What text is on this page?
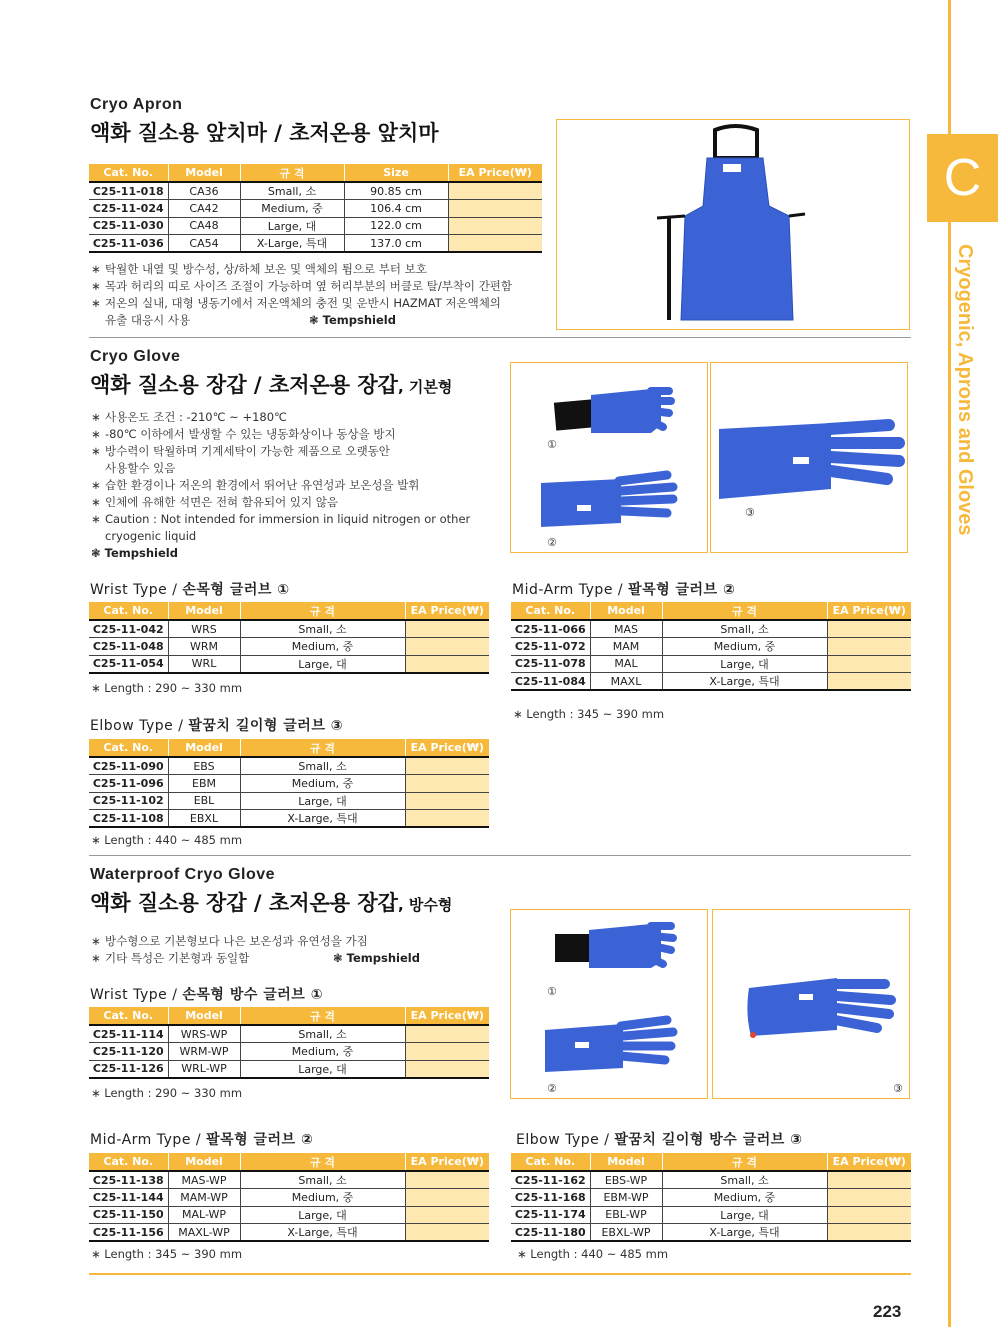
C
Cryogenic, Aprons and Gloves
Cryo Apron
액화 질소용 앞치마 / 초저온용 앞치마
Cat. No.	Model	규 격	Size	EA Price(₩)
C25-11-018	CA36	Small, 소	90.85 cm	
C25-11-024	CA42	Medium, 중	106.4 cm	
C25-11-030	CA48	Large, 대	122.0 cm	
C25-11-036	CA54	X-Large, 특대	137.0 cm	
∗ 탁월한 내열 및 방수성, 상/하체 보온 및 액체의 튐으로 부터 보호
∗ 목과 허리의 띠로 사이즈 조절이 가능하며 옆 허리부분의 버클로 탈/부착이 간편함
∗ 저온의 실내, 대형 냉동기에서 저온액체의 충전 및 운반시 HAZMAT 저온액체의
유출 대응시 사용	❃ Tempshield
Cryo Glove
액화 질소용 장갑 / 초저온용 장갑, 기본형
∗ 사용온도 조건 : -210℃ ~ +180℃
∗ -80℃ 이하에서 발생할 수 있는 냉동화상이나 동상을 방지
∗ 방수력이 탁월하며 기계세탁이 가능한 제품으로 오랫동안
사용할수 있음
∗ 습한 환경이나 저온의 환경에서 뛰어난 유연성과 보온성을 발휘
∗ 인체에 유해한 석면은 전혀 함유되어 있지 않음
∗ Caution : Not intended for immersion in liquid nitrogen or other
cryogenic liquid
❃ Tempshield
①
②
③
Wrist Type / 손목형 글러브 ①
Cat. No.	Model	규 격	EA Price(₩)
C25-11-042	WRS	Small, 소	
C25-11-048	WRM	Medium, 중	
C25-11-054	WRL	Large, 대	
∗ Length : 290 ~ 330 mm
Mid-Arm Type / 팔목형 글러브 ②
Cat. No.	Model	규 격	EA Price(₩)
C25-11-066	MAS	Small, 소	
C25-11-072	MAM	Medium, 중	
C25-11-078	MAL	Large, 대	
C25-11-084	MAXL	X-Large, 특대	
∗ Length : 345 ~ 390 mm
Elbow Type / 팔꿈치 길이형 글러브 ③
Cat. No.	Model	규 격	EA Price(₩)
C25-11-090	EBS	Small, 소	
C25-11-096	EBM	Medium, 중	
C25-11-102	EBL	Large, 대	
C25-11-108	EBXL	X-Large, 특대	
∗ Length : 440 ~ 485 mm
Waterproof Cryo Glove
액화 질소용 장갑 / 초저온용 장갑, 방수형
∗ 방수형으로 기본형보다 나은 보온성과 유연성을 가짐
∗ 기타 특성은 기본형과 동일함	❃ Tempshield
①
②	③
Wrist Type / 손목형 방수 글러브 ①
Cat. No.	Model	규 격	EA Price(₩)
C25-11-114	WRS-WP	Small, 소	
C25-11-120	WRM-WP	Medium, 중	
C25-11-126	WRL-WP	Large, 대	
∗ Length : 290 ~ 330 mm
Mid-Arm Type / 팔목형 글러브 ②
Cat. No.	Model	규 격	EA Price(₩)
C25-11-138	MAS-WP	Small, 소	
C25-11-144	MAM-WP	Medium, 중	
C25-11-150	MAL-WP	Large, 대	
C25-11-156	MAXL-WP	X-Large, 특대	
∗ Length : 345 ~ 390 mm
Elbow Type / 팔꿈치 길이형 방수 글러브 ③
Cat. No.	Model	규 격	EA Price(₩)
C25-11-162	EBS-WP	Small, 소	
C25-11-168	EBM-WP	Medium, 중	
C25-11-174	EBL-WP	Large, 대	
C25-11-180	EBXL-WP	X-Large, 특대	
∗ Length : 440 ~ 485 mm
223
